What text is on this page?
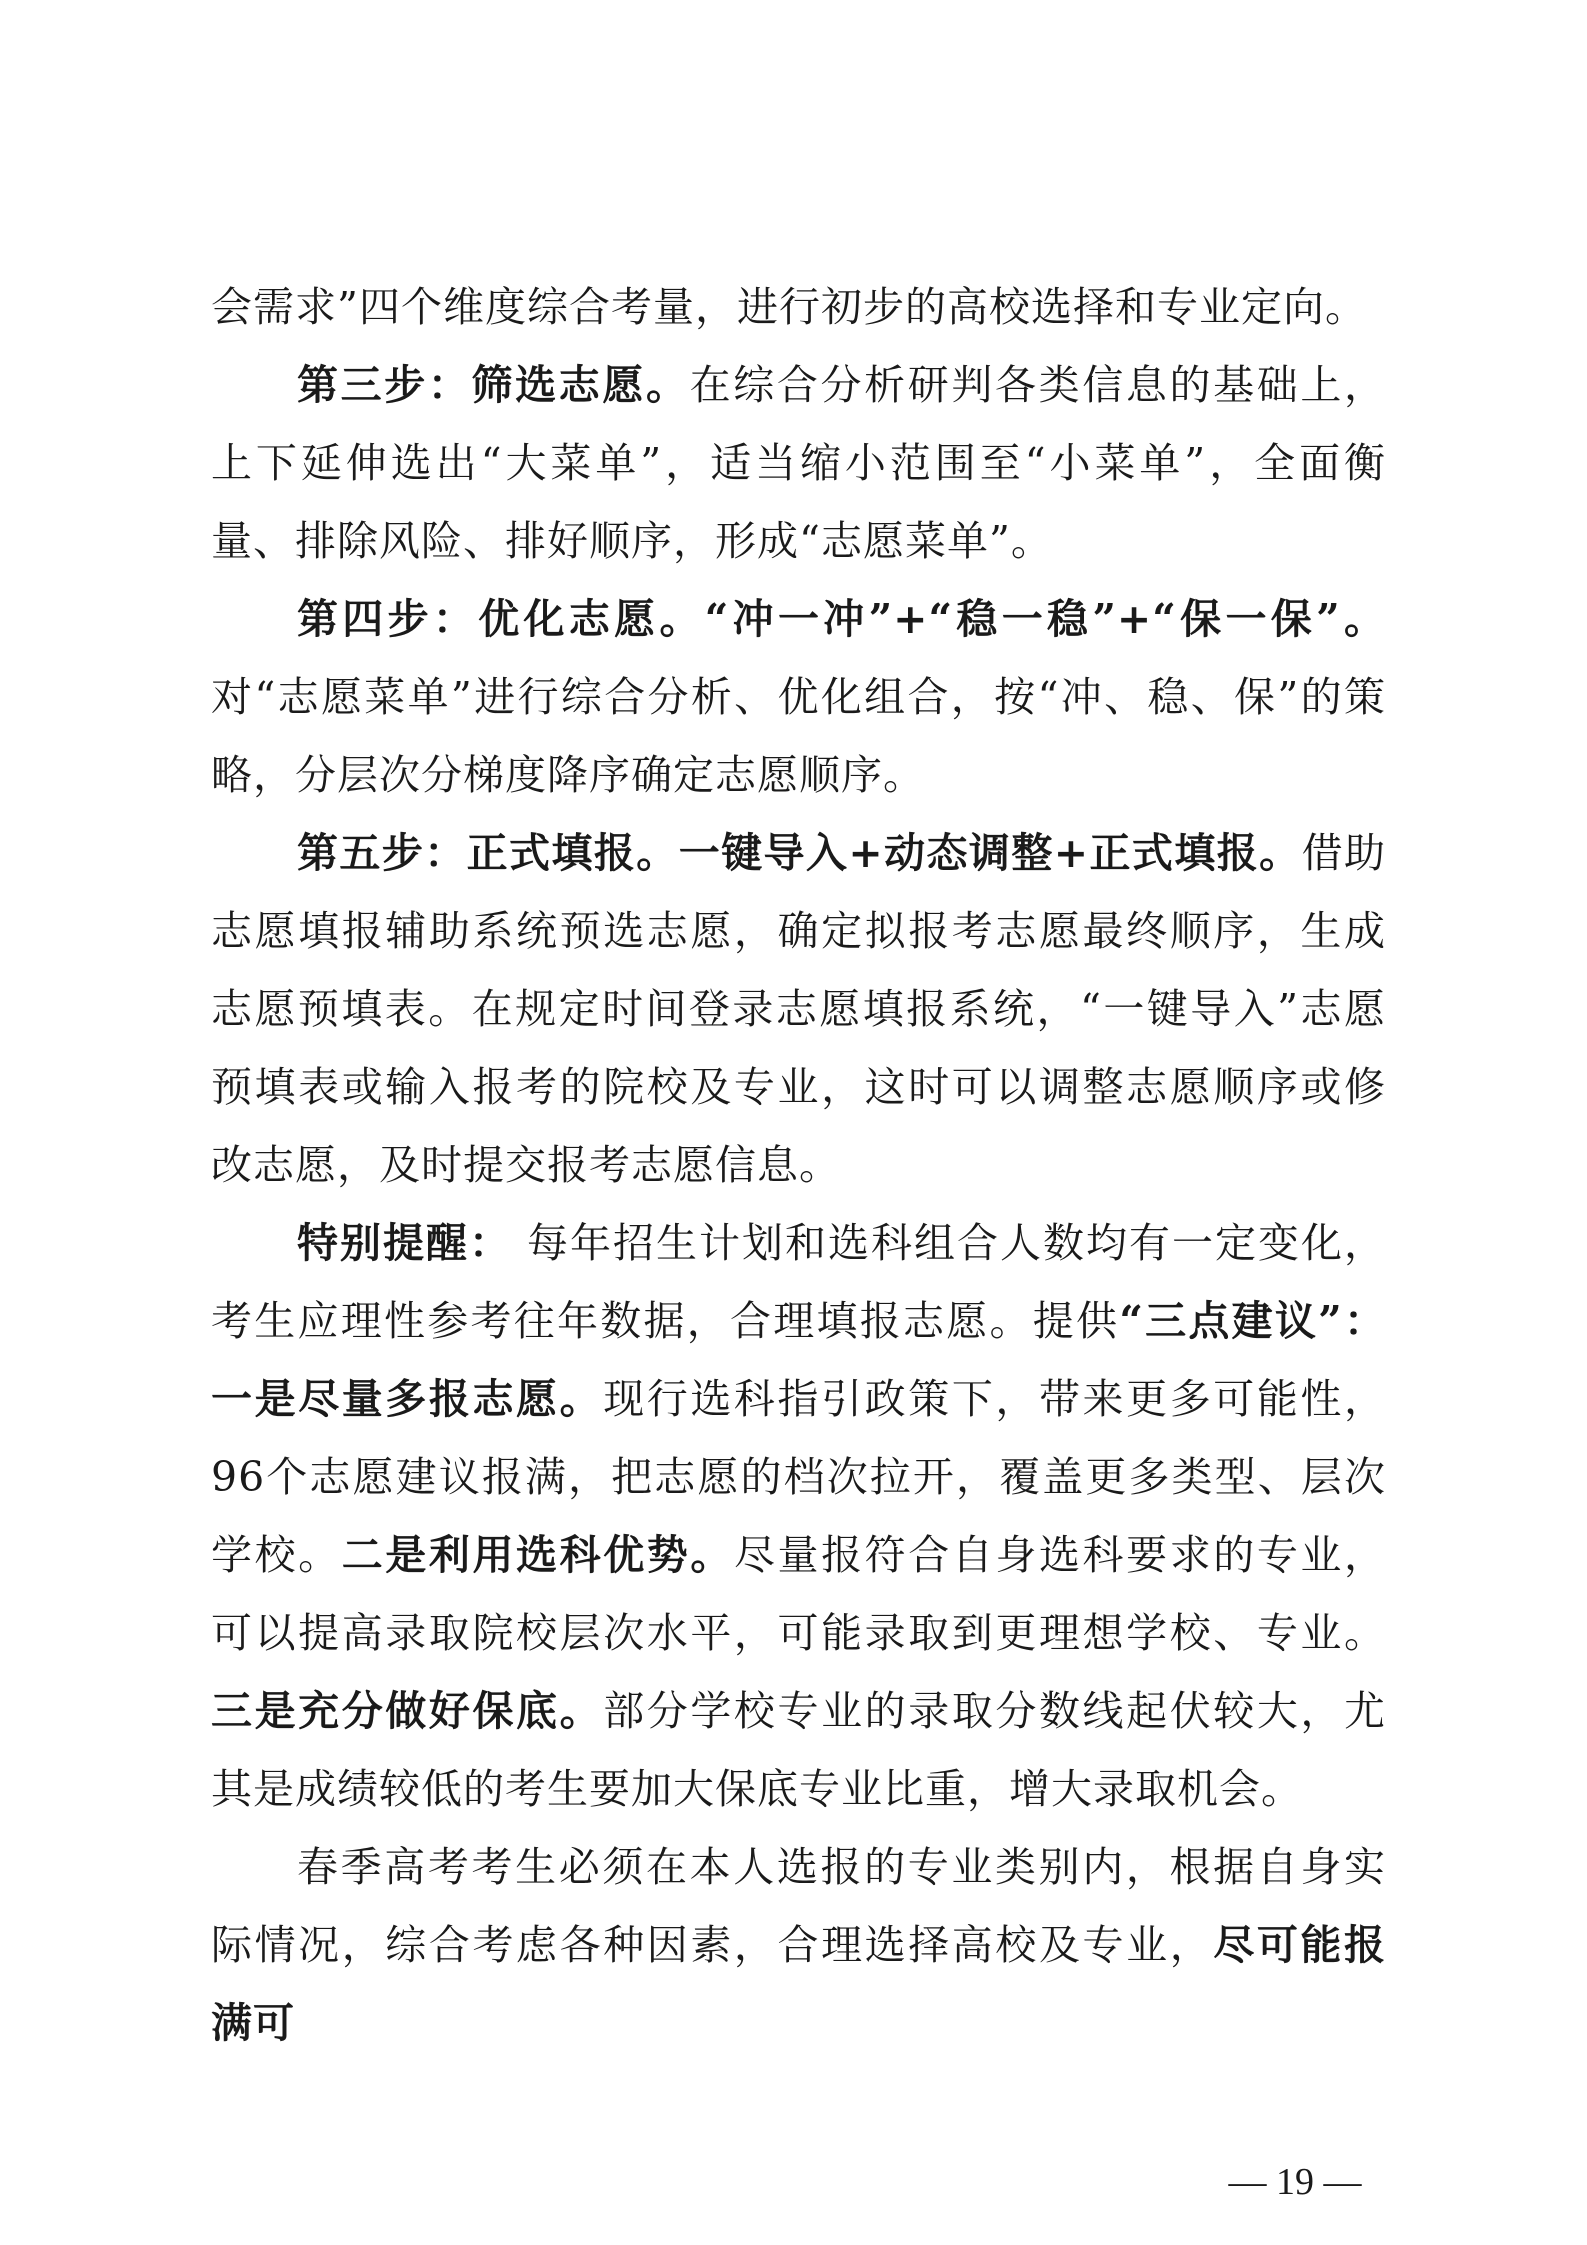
会需求”四个维度综合考量，进行初步的高校选择和专业定向。

第三步：筛选志愿。在综合分析研判各类信息的基础上，上下延伸选出“大菜单”，适当缩小范围至“小菜单”，全面衡量、排除风险、排好顺序，形成“志愿菜单”。

第四步：优化志愿。“冲一冲”+“稳一稳”+“保一保”。对“志愿菜单”进行综合分析、优化组合，按“冲、稳、保”的策略，分层次分梯度降序确定志愿顺序。

第五步：正式填报。一键导入+动态调整+正式填报。借助志愿填报辅助系统预选志愿，确定拟报考志愿最终顺序，生成志愿预填表。在规定时间登录志愿填报系统，“一键导入”志愿预填表或输入报考的院校及专业，这时可以调整志愿顺序或修改志愿，及时提交报考志愿信息。

特别提醒： 每年招生计划和选科组合人数均有一定变化，考生应理性参考往年数据，合理填报志愿。提供“三点建议”：一是尽量多报志愿。现行选科指引政策下，带来更多可能性，96个志愿建议报满，把志愿的档次拉开，覆盖更多类型、层次学校。二是利用选科优势。尽量报符合自身选科要求的专业，可以提高录取院校层次水平，可能录取到更理想学校、专业。三是充分做好保底。部分学校专业的录取分数线起伏较大，尤其是成绩较低的考生要加大保底专业比重，增大录取机会。

春季高考考生必须在本人选报的专业类别内，根据自身实际情况，综合考虑各种因素，合理选择高校及专业，尽可能报满可

— 19 —
